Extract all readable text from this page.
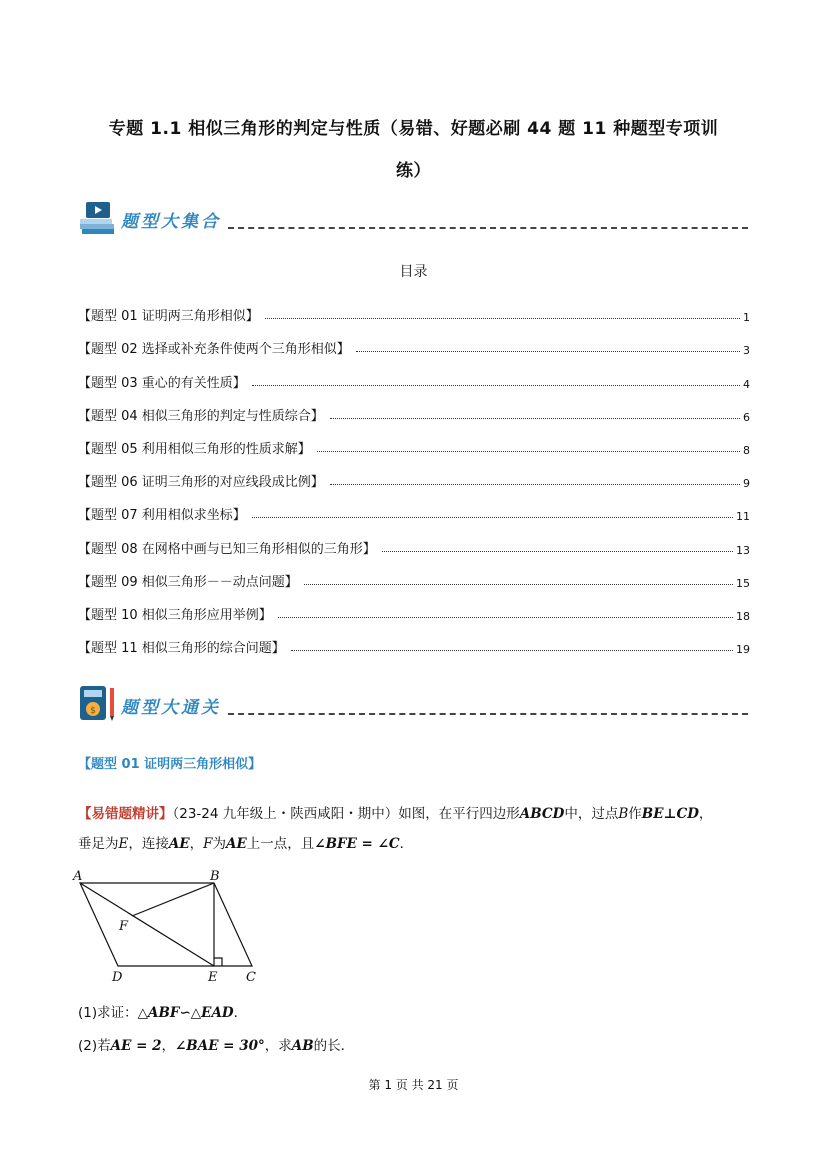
专题 1.1 相似三角形的判定与性质（易错、好题必刷 44 题 11 种题型专项训
练）
题型大集合
目录
【题型 01 证明两三角形相似】	1
【题型 02 选择或补充条件使两个三角形相似】	3
【题型 03 重心的有关性质】	4
【题型 04 相似三角形的判定与性质综合】	6
【题型 05 利用相似三角形的性质求解】	8
【题型 06 证明三角形的对应线段成比例】	9
【题型 07 利用相似求坐标】	11
【题型 08 在网格中画与已知三角形相似的三角形】	13
【题型 09 相似三角形－－动点问题】	15
【题型 10 相似三角形应用举例】	18
【题型 11 相似三角形的综合问题】	19
$ 题型大通关
【题型 01 证明两三角形相似】
【易错题精讲】（23-24 九年级上・陕西咸阳・期中）如图，在平行四边形ABCD中，过点B作BE⊥CD，
垂足为E，连接AE，F为AE上一点，且∠BFE = ∠C．
A	B
C
D	E
F
(1)求证：△ABF∽△EAD．
(2)若AE = 2，∠BAE = 30°，求AB的长．
第 1 页 共 21 页
